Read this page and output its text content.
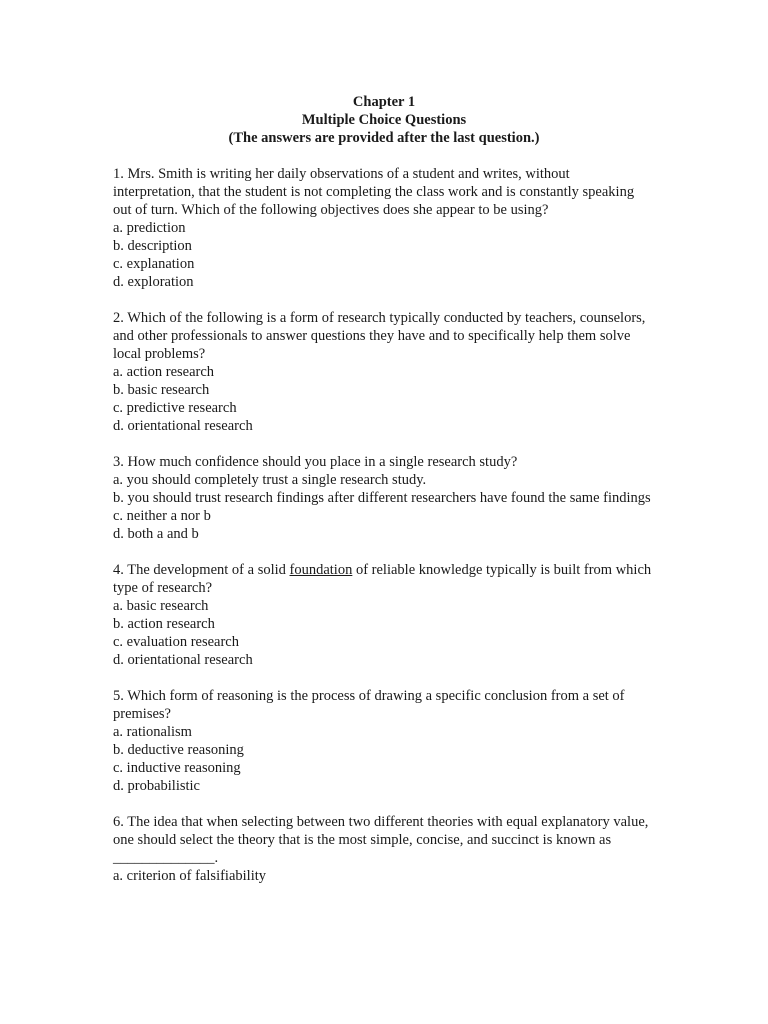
Chapter 1
Multiple Choice Questions
(The answers are provided after the last question.)

1. Mrs. Smith is writing her daily observations of a student and writes, without interpretation, that the student is not completing the class work and is constantly speaking out of turn. Which of the following objectives does she appear to be using?

a. prediction
b. description
c. explanation
d. exploration

2. Which of the following is a form of research typically conducted by teachers, counselors, and other professionals to answer questions they have and to specifically help them solve local problems?

a. action research
b. basic research
c. predictive research
d. orientational research

3. How much confidence should you place in a single research study?

a. you should completely trust a single research study.
b. you should trust research findings after different researchers have found the same findings
c. neither a nor b
d. both a and b

4. The development of a solid foundation of reliable knowledge typically is built from which type of research?

a. basic research
b. action research
c. evaluation research
d. orientational research

5. Which form of reasoning is the process of drawing a specific conclusion from a set of premises?

a. rationalism
b. deductive reasoning
c. inductive reasoning
d. probabilistic

6. The idea that when selecting between two different theories with equal explanatory value, one should select the theory that is the most simple, concise, and succinct is known as ______________.

a. criterion of falsifiability
